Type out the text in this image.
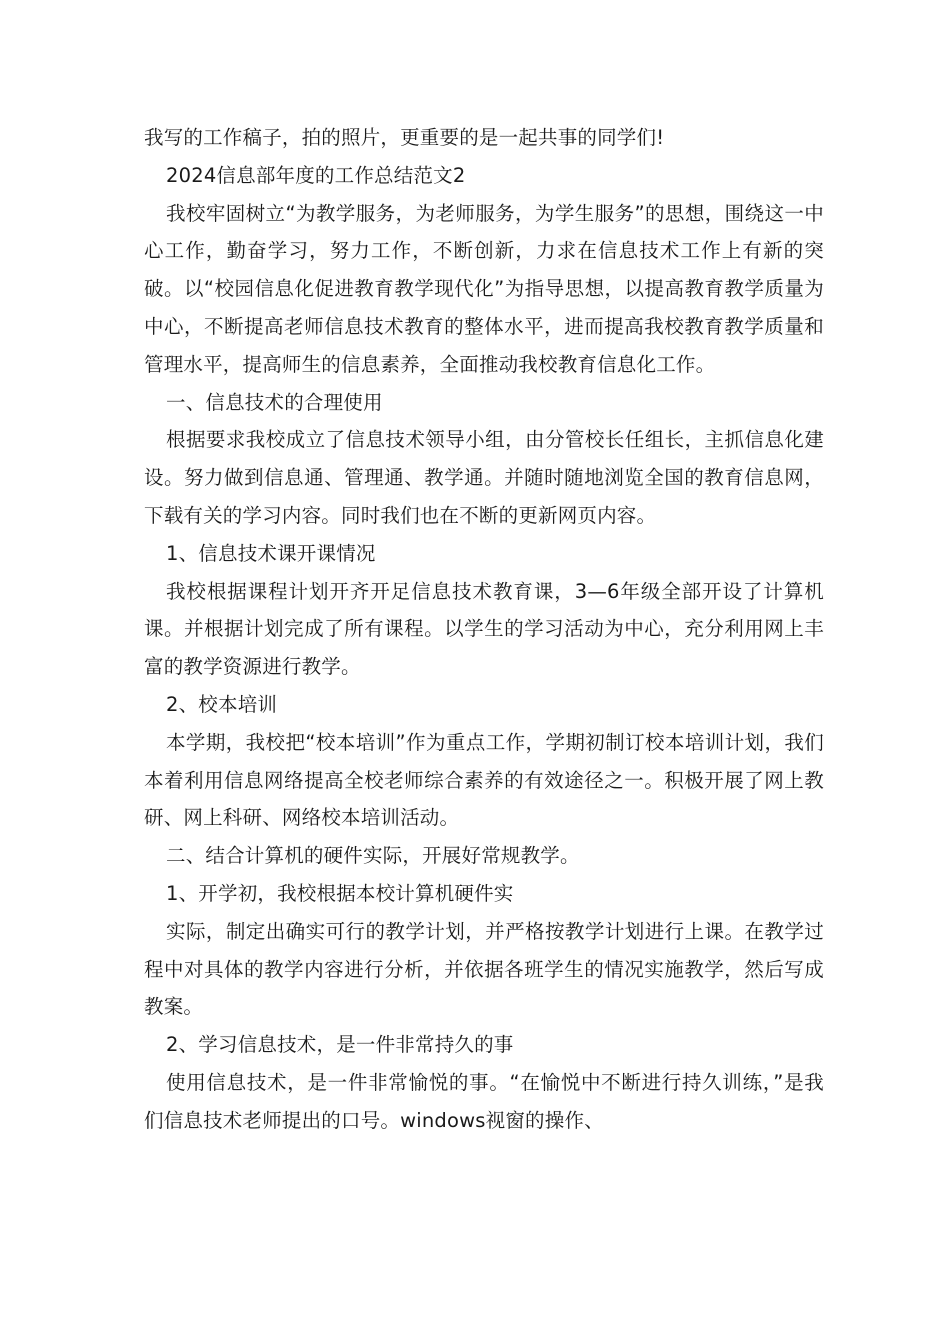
我写的工作稿子，拍的照片，更重要的是一起共事的同学们!

2024信息部年度的工作总结范文2

我校牢固树立“为教学服务，为老师服务，为学生服务”的思想，围绕这一中心工作，勤奋学习，努力工作，不断创新，力求在信息技术工作上有新的突破。以“校园信息化促进教育教学现代化”为指导思想，以提高教育教学质量为中心，不断提高老师信息技术教育的整体水平，进而提高我校教育教学质量和管理水平，提高师生的信息素养，全面推动我校教育信息化工作。

一、信息技术的合理使用

根据要求我校成立了信息技术领导小组，由分管校长任组长，主抓信息化建设。努力做到信息通、管理通、教学通。并随时随地浏览全国的教育信息网，下载有关的学习内容。同时我们也在不断的更新网页内容。

1、信息技术课开课情况

我校根据课程计划开齐开足信息技术教育课，3—6年级全部开设了计算机课。并根据计划完成了所有课程。以学生的学习活动为中心，充分利用网上丰富的教学资源进行教学。

2、校本培训

本学期，我校把“校本培训”作为重点工作，学期初制订校本培训计划，我们本着利用信息网络提高全校老师综合素养的有效途径之一。积极开展了网上教研、网上科研、网络校本培训活动。

二、结合计算机的硬件实际，开展好常规教学。

1、开学初，我校根据本校计算机硬件实

实际，制定出确实可行的教学计划，并严格按教学计划进行上课。在教学过程中对具体的教学内容进行分析，并依据各班学生的情况实施教学，然后写成教案。

2、学习信息技术，是一件非常持久的事

使用信息技术，是一件非常愉悦的事。“在愉悦中不断进行持久训练，”是我们信息技术老师提出的口号。windows视窗的操作、
